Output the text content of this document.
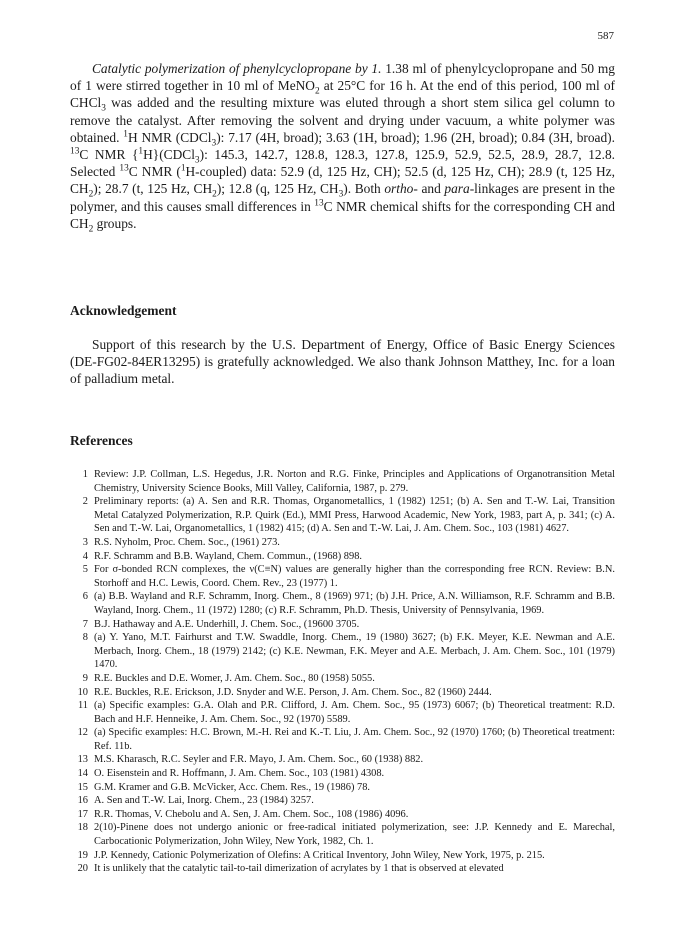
587

Catalytic polymerization of phenylcyclopropane by 1. 1.38 ml of phenylcyclopropane and 50 mg of 1 were stirred together in 10 ml of MeNO$_2$ at 25°C for 16 h. At the end of this period, 100 ml of CHCl$_3$ was added and the resulting mixture was eluted through a short stem silica gel column to remove the catalyst. After removing the solvent and drying under vacuum, a white polymer was obtained. $^1$H NMR (CDCl$_3$): 7.17 (4H, broad); 3.63 (1H, broad); 1.96 (2H, broad); 0.84 (3H, broad). $^{13}$C NMR {$^1$H}(CDCl$_3$): 145.3, 142.7, 128.8, 128.3, 127.8, 125.9, 52.9, 52.5, 28.9, 28.7, 12.8. Selected $^{13}$C NMR ($^1$H-coupled) data: 52.9 (d, 125 Hz, CH); 52.5 (d, 125 Hz, CH); 28.9 (t, 125 Hz, $CH_2$); 28.7 (t, 125 Hz, $CH_2$); 12.8 (q, 125 Hz, $CH_3$). Both ortho- and para-linkages are present in the polymer, and this causes small differences in $^{13}$C NMR chemical shifts for the corresponding CH and $CH_2$ groups.

Acknowledgement

Support of this research by the U.S. Department of Energy, Office of Basic Energy Sciences (DE-FG02-84ER13295) is gratefully acknowledged. We also thank Johnson Matthey, Inc. for a loan of palladium metal.

References
1 Review: J.P. Collman, L.S. Hegedus, J.R. Norton and R.G. Finke, Principles and Applications of Organotransition Metal Chemistry, University Science Books, Mill Valley, California, 1987, p. 279.
2 Preliminary reports: (a) A. Sen and R.R. Thomas, Organometallics, 1 (1982) 1251; (b) A. Sen and T.-W. Lai, Transition Metal Catalyzed Polymerization, R.P. Quirk (Ed.), MMI Press, Harwood Academic, New York, 1983, part A, p. 341; (c) A. Sen and T.-W. Lai, Organometallics, 1 (1982) 415; (d) A. Sen and T.-W. Lai, J. Am. Chem. Soc., 103 (1981) 4627.
3 R.S. Nyholm, Proc. Chem. Soc., (1961) 273.
4 R.F. Schramm and B.B. Wayland, Chem. Commun., (1968) 898.
5 For σ-bonded RCN complexes, the ν(C≡N) values are generally higher than the corresponding free RCN. Review: B.N. Storhoff and H.C. Lewis, Coord. Chem. Rev., 23 (1977) 1.
6 (a) B.B. Wayland and R.F. Schramm, Inorg. Chem., 8 (1969) 971; (b) J.H. Price, A.N. Williamson, R.F. Schramm and B.B. Wayland, Inorg. Chem., 11 (1972) 1280; (c) R.F. Schramm, Ph.D. Thesis, University of Pennsylvania, 1969.
7 B.J. Hathaway and A.E. Underhill, J. Chem. Soc., (19600 3705.
8 (a) Y. Yano, M.T. Fairhurst and T.W. Swaddle, Inorg. Chem., 19 (1980) 3627; (b) F.K. Meyer, K.E. Newman and A.E. Merbach, Inorg. Chem., 18 (1979) 2142; (c) K.E. Newman, F.K. Meyer and A.E. Merbach, J. Am. Chem. Soc., 101 (1979) 1470.
9 R.E. Buckles and D.E. Womer, J. Am. Chem. Soc., 80 (1958) 5055.
10 R.E. Buckles, R.E. Erickson, J.D. Snyder and W.E. Person, J. Am. Chem. Soc., 82 (1960) 2444.
11 (a) Specific examples: G.A. Olah and P.R. Clifford, J. Am. Chem. Soc., 95 (1973) 6067; (b) Theoretical treatment: R.D. Bach and H.F. Henneike, J. Am. Chem. Soc., 92 (1970) 5589.
12 (a) Specific examples: H.C. Brown, M.-H. Rei and K.-T. Liu, J. Am. Chem. Soc., 92 (1970) 1760; (b) Theoretical treatment: Ref. 11b.
13 M.S. Kharasch, R.C. Seyler and F.R. Mayo, J. Am. Chem. Soc., 60 (1938) 882.
14 O. Eisenstein and R. Hoffmann, J. Am. Chem. Soc., 103 (1981) 4308.
15 G.M. Kramer and G.B. McVicker, Acc. Chem. Res., 19 (1986) 78.
16 A. Sen and T.-W. Lai, Inorg. Chem., 23 (1984) 3257.
17 R.R. Thomas, V. Chebolu and A. Sen, J. Am. Chem. Soc., 108 (1986) 4096.
18 2(10)-Pinene does not undergo anionic or free-radical initiated polymerization, see: J.P. Kennedy and E. Marechal, Carbocationic Polymerization, John Wiley, New York, 1982, Ch. 1.
19 J.P. Kennedy, Cationic Polymerization of Olefins: A Critical Inventory, John Wiley, New York, 1975, p. 215.
20 It is unlikely that the catalytic tail-to-tail dimerization of acrylates by 1 that is observed at elevated
